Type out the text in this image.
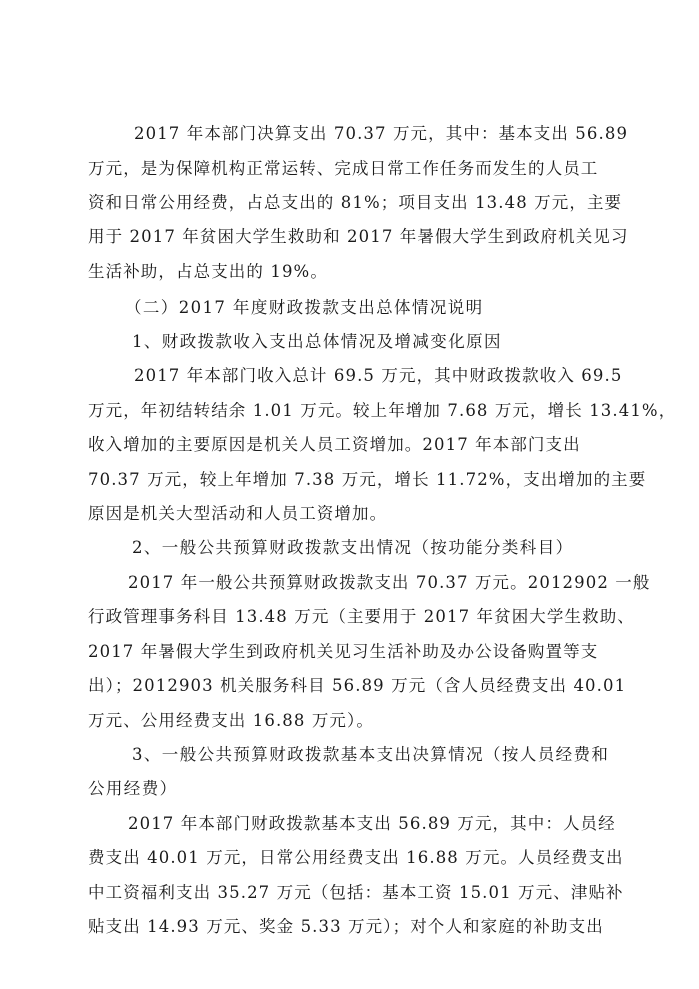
2017 年本部门决算支出 70.37 万元，其中：基本支出 56.89
万元，是为保障机构正常运转、完成日常工作任务而发生的人员工
资和日常公用经费，占总支出的 81%；项目支出 13.48 万元，主要
用于 2017 年贫困大学生救助和 2017 年暑假大学生到政府机关见习
生活补助，占总支出的 19%。
（二）2017 年度财政拨款支出总体情况说明
1、财政拨款收入支出总体情况及增减变化原因
2017 年本部门收入总计 69.5 万元，其中财政拨款收入 69.5
万元，年初结转结余 1.01 万元。较上年增加 7.68 万元，增长 13.41%，
收入增加的主要原因是机关人员工资增加。2017 年本部门支出
70.37 万元，较上年增加 7.38 万元，增长 11.72%，支出增加的主要
原因是机关大型活动和人员工资增加。
2、一般公共预算财政拨款支出情况（按功能分类科目）
2017 年一般公共预算财政拨款支出 70.37 万元。2012902 一般
行政管理事务科目 13.48 万元（主要用于 2017 年贫困大学生救助、
2017 年暑假大学生到政府机关见习生活补助及办公设备购置等支
出）；2012903 机关服务科目 56.89 万元（含人员经费支出 40.01
万元、公用经费支出 16.88 万元）。
3、一般公共预算财政拨款基本支出决算情况（按人员经费和
公用经费）
2017 年本部门财政拨款基本支出 56.89 万元，其中：人员经
费支出 40.01 万元，日常公用经费支出 16.88 万元。人员经费支出
中工资福利支出 35.27 万元（包括：基本工资 15.01 万元、津贴补
贴支出 14.93 万元、奖金 5.33 万元）；对个人和家庭的补助支出
